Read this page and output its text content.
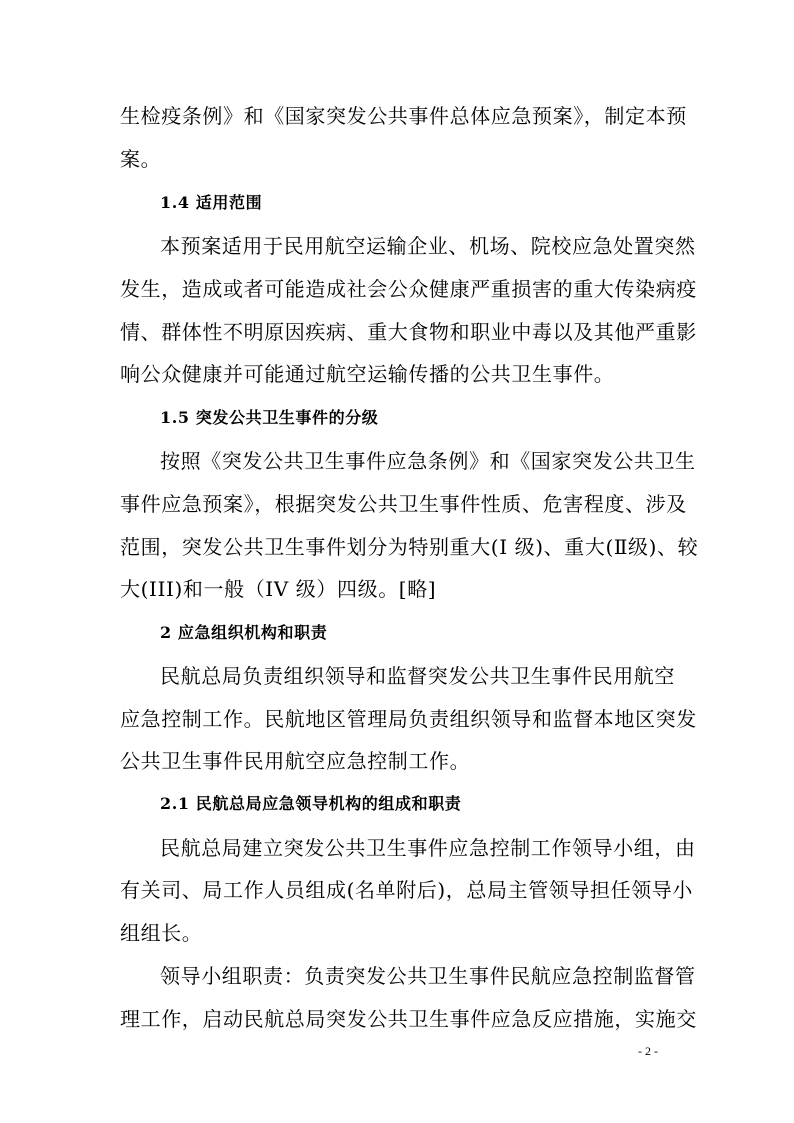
生检疫条例》和《国家突发公共事件总体应急预案》，制定本预
案。
1.4 适用范围
本预案适用于民用航空运输企业、机场、院校应急处置突然
发生，造成或者可能造成社会公众健康严重损害的重大传染病疫
情、群体性不明原因疾病、重大食物和职业中毒以及其他严重影
响公众健康并可能通过航空运输传播的公共卫生事件。
1.5 突发公共卫生事件的分级
按照《突发公共卫生事件应急条例》和《国家突发公共卫生
事件应急预案》，根据突发公共卫生事件性质、危害程度、涉及
范围，突发公共卫生事件划分为特别重大(I 级)、重大(Ⅱ级)、较
大(III)和一般（IV 级）四级。[略]
2 应急组织机构和职责
民航总局负责组织领导和监督突发公共卫生事件民用航空
应急控制工作。民航地区管理局负责组织领导和监督本地区突发
公共卫生事件民用航空应急控制工作。
2.1 民航总局应急领导机构的组成和职责
民航总局建立突发公共卫生事件应急控制工作领导小组，由
有关司、局工作人员组成(名单附后)，总局主管领导担任领导小
组组长。
领导小组职责：负责突发公共卫生事件民航应急控制监督管
理工作，启动民航总局突发公共卫生事件应急反应措施，实施交
- 2 -
